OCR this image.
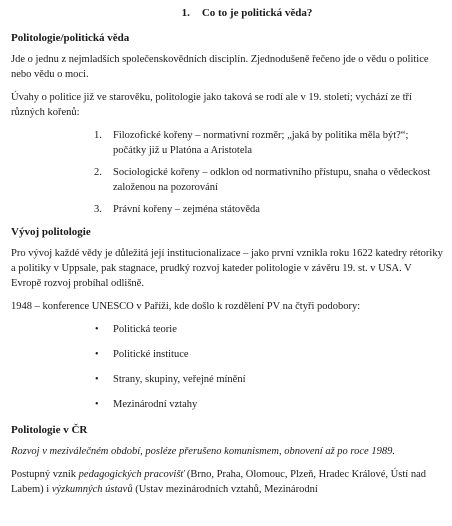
1. Co to je politická věda?
Politologie/politická věda

Jde o jednu z nejmladších společenskovědních disciplín. Zjednodušeně řečeno jde o vědu o politice nebo vědu o moci.

Úvahy o politice již ve starověku, politologie jako taková se rodí ale v 19. století; vychází ze tří různých kořenů:

1. Filozofické kořeny – normativní rozměr; „jaká by politika měla být?“; počátky již u Platóna a Aristotela
2. Sociologické kořeny – odklon od normativního přístupu, snaha o vědeckost založenou na pozorování
3. Právní kořeny – zejména státověda
Vývoj politologie

Pro vývoj každé vědy je důležitá její institucionalizace – jako první vznikla roku 1622 katedry rétoriky a politiky v Uppsale, pak stagnace, prudký rozvoj kateder politologie v závěru 19. st. v USA. V Evropě rozvoj probíhal odlišně.

1948 – konference UNESCO v Paříži, kde došlo k rozdělení PV na čtyři podobory:

• Politická teorie
• Politické instituce
• Strany, skupiny, veřejné mínění
• Mezinárodní vztahy
Politologie v ČR

Rozvoj v meziválečném období, posléze přerušeno komunismem, obnovení až po roce 1989.

Postupný vznik pedagogických pracovišť (Brno, Praha, Olomouc, Plzeň, Hradec Králové, Ústí nad Labem) i výzkumných ústavů (Ustav mezinárodních vztahů, Mezinárodní
